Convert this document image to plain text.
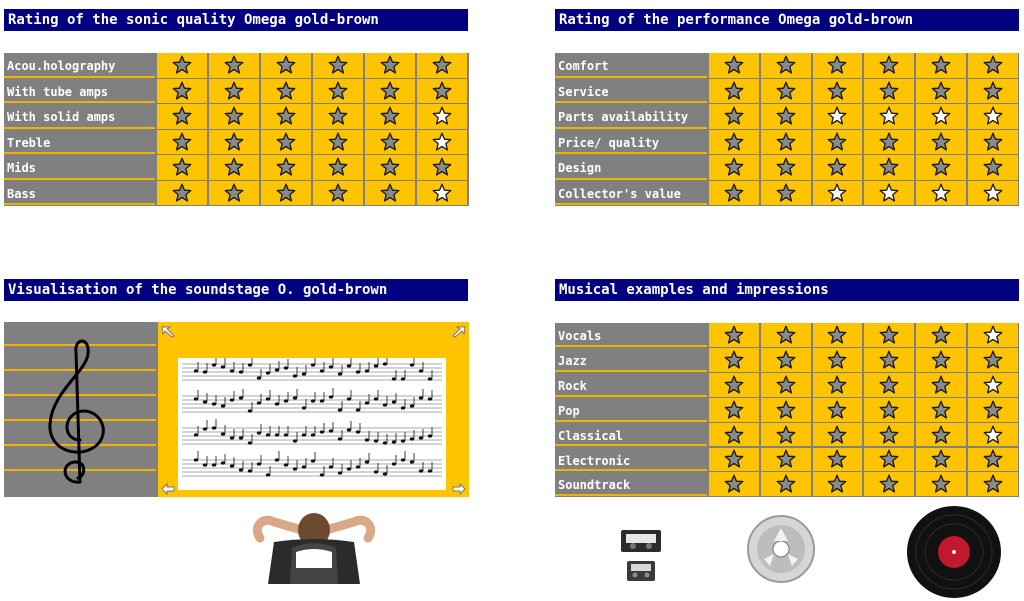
Rating of the sonic quality Omega gold-brown	Rating of the performance Omega gold-brown
Visualisation of the soundstage O. gold-brown	Musical examples and impressions
Acou.holography
With tube amps
With solid amps
Treble
Mids
Bass
Comfort
Service
Parts availability
Price/ quality
Design
Collector's value
Vocals
Jazz
Rock
Pop
Classical
Electronic
Soundtrack
